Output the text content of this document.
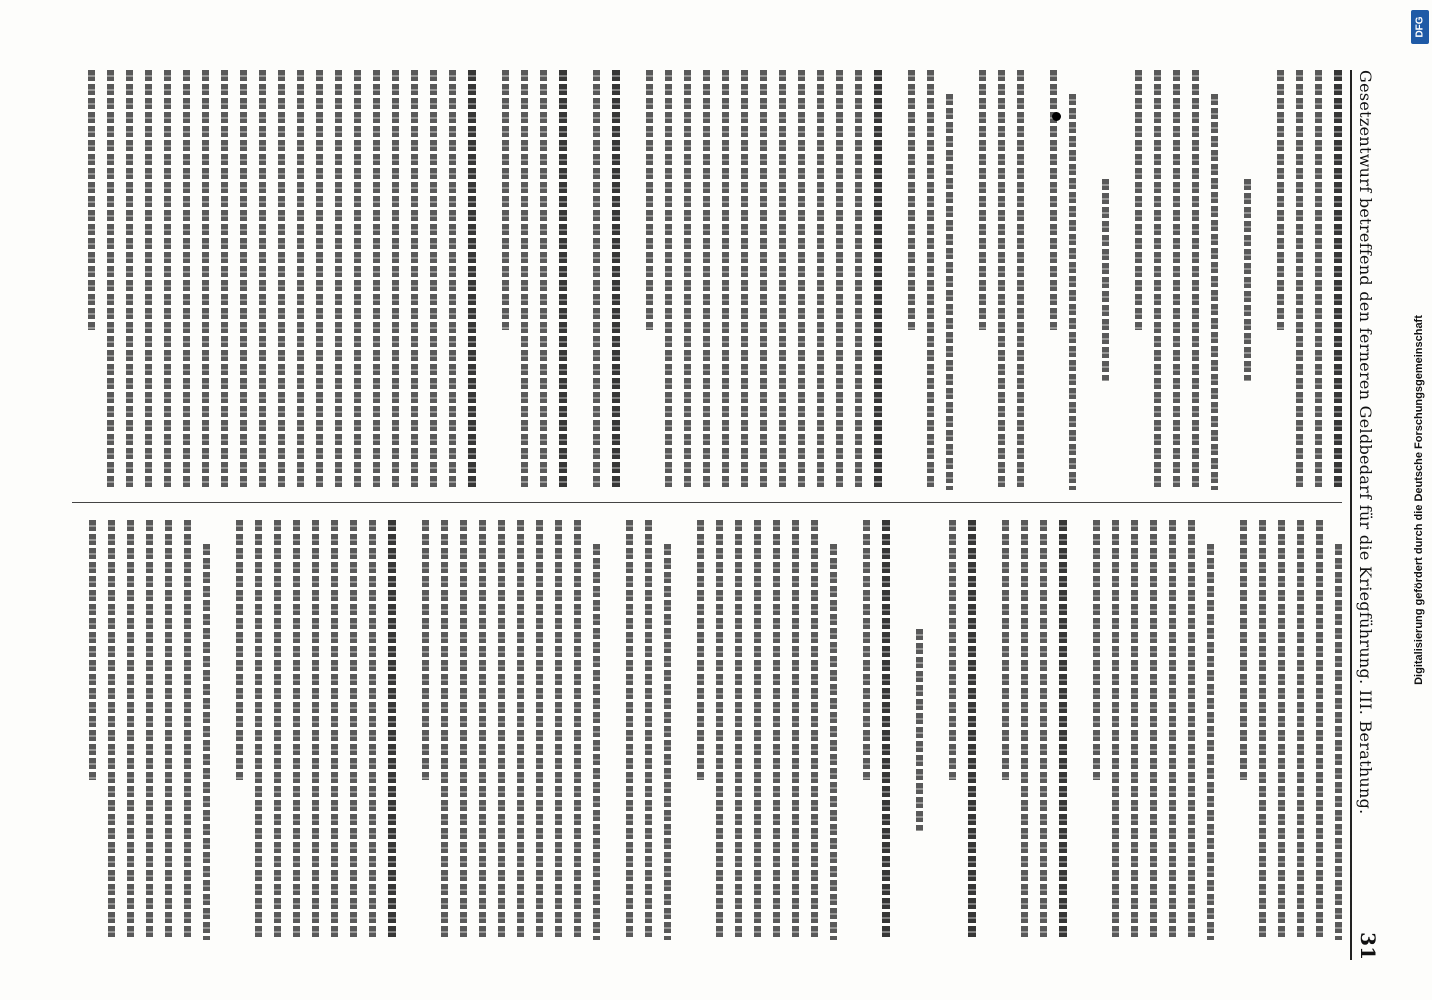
Gesetzentwurf betreffend den ferneren Geldbedarf für die Kriegführung. III. Berathung.
31
Digitalisierung gefördert durch die Deutsche Forschungsgemeinschaft
DFG
